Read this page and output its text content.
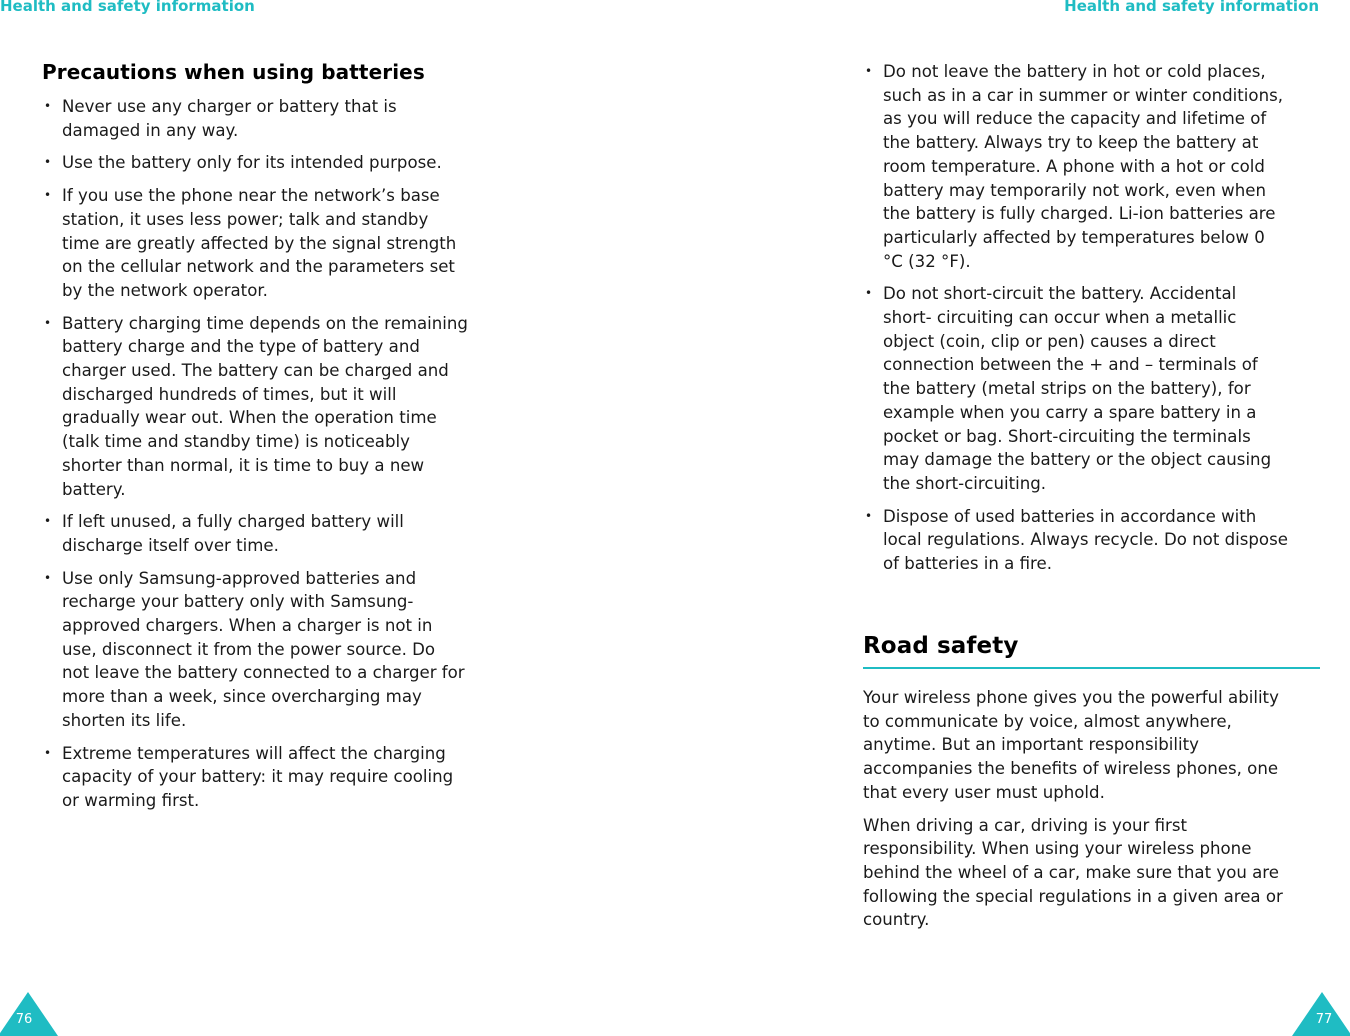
Health and safety information

Precautions when using batteries
• Never use any charger or battery that is
damaged in any way.
• Use the battery only for its intended purpose.
• If you use the phone near the network’s base
station, it uses less power; talk and standby
time are greatly affected by the signal strength
on the cellular network and the parameters set
by the network operator.
• Battery charging time depends on the remaining
battery charge and the type of battery and
charger used. The battery can be charged and
discharged hundreds of times, but it will
gradually wear out. When the operation time
(talk time and standby time) is noticeably
shorter than normal, it is time to buy a new
battery.
• If left unused, a fully charged battery will
discharge itself over time.
• Use only Samsung-approved batteries and
recharge your battery only with Samsung-
approved chargers. When a charger is not in
use, disconnect it from the power source. Do
not leave the battery connected to a charger for
more than a week, since overcharging may
shorten its life.
• Extreme temperatures will affect the charging
capacity of your battery: it may require cooling
or warming first.
76

Health and safety information

• Do not leave the battery in hot or cold places,
such as in a car in summer or winter conditions,
as you will reduce the capacity and lifetime of
the battery. Always try to keep the battery at
room temperature. A phone with a hot or cold
battery may temporarily not work, even when
the battery is fully charged. Li-ion batteries are
particularly affected by temperatures below 0
°C (32 °F).
• Do not short-circuit the battery. Accidental
short- circuiting can occur when a metallic
object (coin, clip or pen) causes a direct
connection between the + and – terminals of
the battery (metal strips on the battery), for
example when you carry a spare battery in a
pocket or bag. Short-circuiting the terminals
may damage the battery or the object causing
the short-circuiting.
• Dispose of used batteries in accordance with
local regulations. Always recycle. Do not dispose
of batteries in a fire.
Road safety

Your wireless phone gives you the powerful ability
to communicate by voice, almost anywhere,
anytime. But an important responsibility
accompanies the benefits of wireless phones, one
that every user must uphold.

When driving a car, driving is your first
responsibility. When using your wireless phone
behind the wheel of a car, make sure that you are
following the special regulations in a given area or
country.

77
